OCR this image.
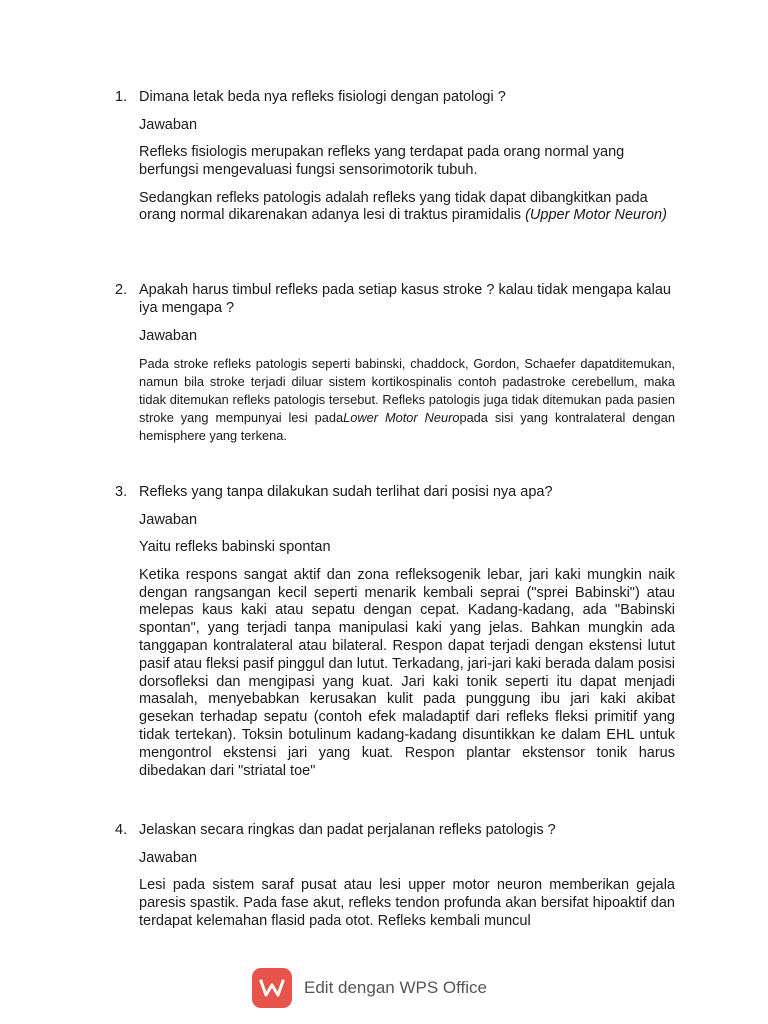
1. Dimana letak beda nya refleks fisiologi dengan patologi ?
Jawaban
Refleks fisiologis merupakan refleks yang terdapat pada orang normal yang berfungsi mengevaluasi fungsi sensorimotorik tubuh.
Sedangkan refleks patologis adalah refleks yang tidak dapat dibangkitkan pada orang normal dikarenakan adanya lesi di traktus piramidalis (Upper Motor Neuron)
2. Apakah harus timbul refleks pada setiap kasus stroke ? kalau tidak mengapa kalau iya mengapa ?
Jawaban
Pada stroke refleks patologis seperti babinski, chaddock, Gordon, Schaefer dapatditemukan, namun bila stroke terjadi diluar sistem kortikospinalis contoh padastroke cerebellum, maka tidak ditemukan refleks patologis tersebut. Refleks patologis juga tidak ditemukan pada pasien stroke yang mempunyai lesi padaLower Motor Neuropada sisi yang kontralateral dengan hemisphere yang terkena.
3. Refleks yang tanpa dilakukan sudah terlihat dari posisi nya apa?
Jawaban
Yaitu refleks babinski spontan
Ketika respons sangat aktif dan zona refleksogenik lebar, jari kaki mungkin naik dengan rangsangan kecil seperti menarik kembali seprai ("sprei Babinski") atau melepas kaus kaki atau sepatu dengan cepat. Kadang-kadang, ada "Babinski spontan", yang terjadi tanpa manipulasi kaki yang jelas. Bahkan mungkin ada tanggapan kontralateral atau bilateral. Respon dapat terjadi dengan ekstensi lutut pasif atau fleksi pasif pinggul dan lutut. Terkadang, jari-jari kaki berada dalam posisi dorsofleksi dan mengipasi yang kuat. Jari kaki tonik seperti itu dapat menjadi masalah, menyebabkan kerusakan kulit pada punggung ibu jari kaki akibat gesekan terhadap sepatu (contoh efek maladaptif dari refleks fleksi primitif yang tidak tertekan). Toksin botulinum kadang-kadang disuntikkan ke dalam EHL untuk mengontrol ekstensi jari yang kuat. Respon plantar ekstensor tonik harus dibedakan dari "striatal toe"
4. Jelaskan secara ringkas dan padat perjalanan refleks patologis ?
Jawaban
Lesi pada sistem saraf pusat atau lesi upper motor neuron memberikan gejala paresis spastik. Pada fase akut, refleks tendon profunda akan bersifat hipoaktif dan terdapat kelemahan flasid pada otot. Refleks kembali muncul
Edit dengan WPS Office
